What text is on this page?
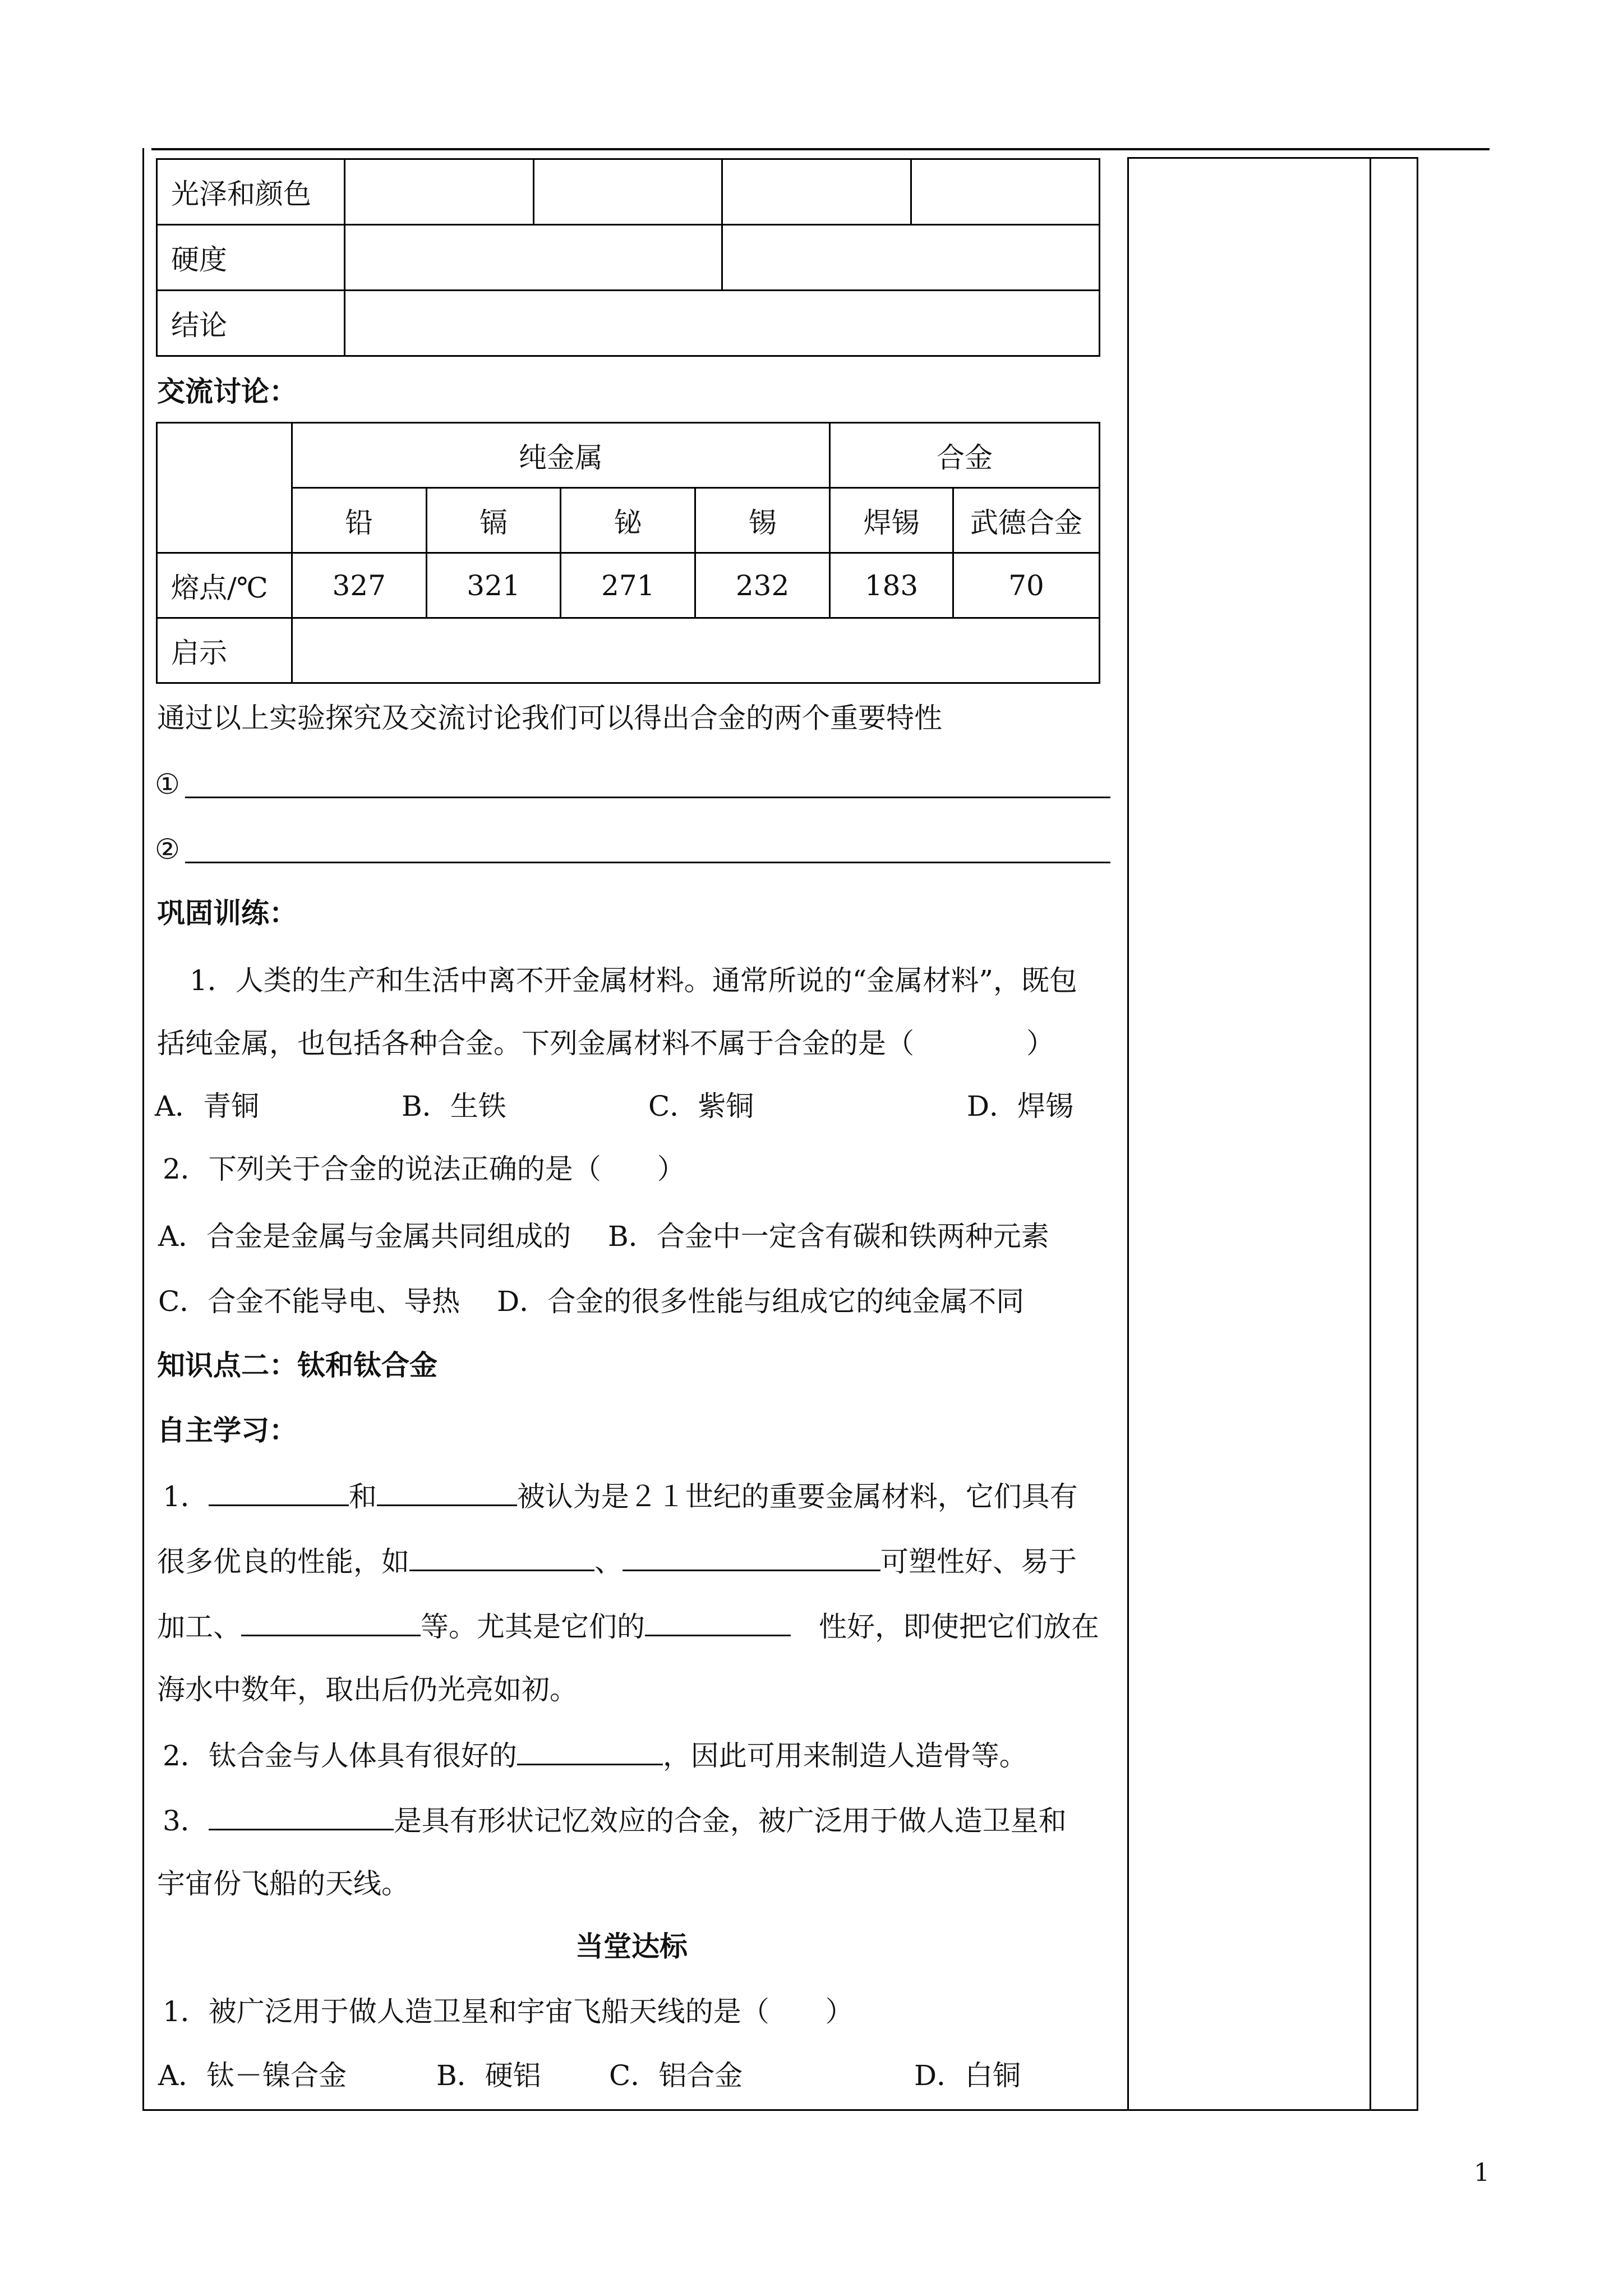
光泽和颜色				
硬度				
结论				
交流讨论：
	纯金属				合金	
	铅	镉	铋	锡	焊锡	武德合金
熔点/℃	327	321	271	232	183	70
启示						
通过以上实验探究及交流讨论我们可以得出合金的两个重要特性
①
②
巩固训练：
1．人类的生产和生活中离不开金属材料。通常所说的“金属材料”，既包
括纯金属，也包括各种合金。下列金属材料不属于合金的是（　　　　）
A．青铜	B．生铁	C．紫铜	D．焊锡
2．下列关于合金的说法正确的是（　　）
A．合金是金属与金属共同组成的　 B．合金中一定含有碳和铁两种元素
C．合金不能导电、导热　 D．合金的很多性能与组成它的纯金属不同
知识点二：钛和钛合金
自主学习：
1．	和	被认为是２１世纪的重要金属材料，它们具有
很多优良的性能，如	、	可塑性好、易于
加工、	等。尤其是它们的	性好，即使把它们放在
海水中数年，取出后仍光亮如初。
2．钛合金与人体具有很好的	，因此可用来制造人造骨等。
3．	是具有形状记忆效应的合金，被广泛用于做人造卫星和
宇宙份飞船的天线。
当堂达标
1．被广泛用于做人造卫星和宇宙飞船天线的是（　　）
A．钛－镍合金	B．硬铝 C．铝合金	D．白铜
1
